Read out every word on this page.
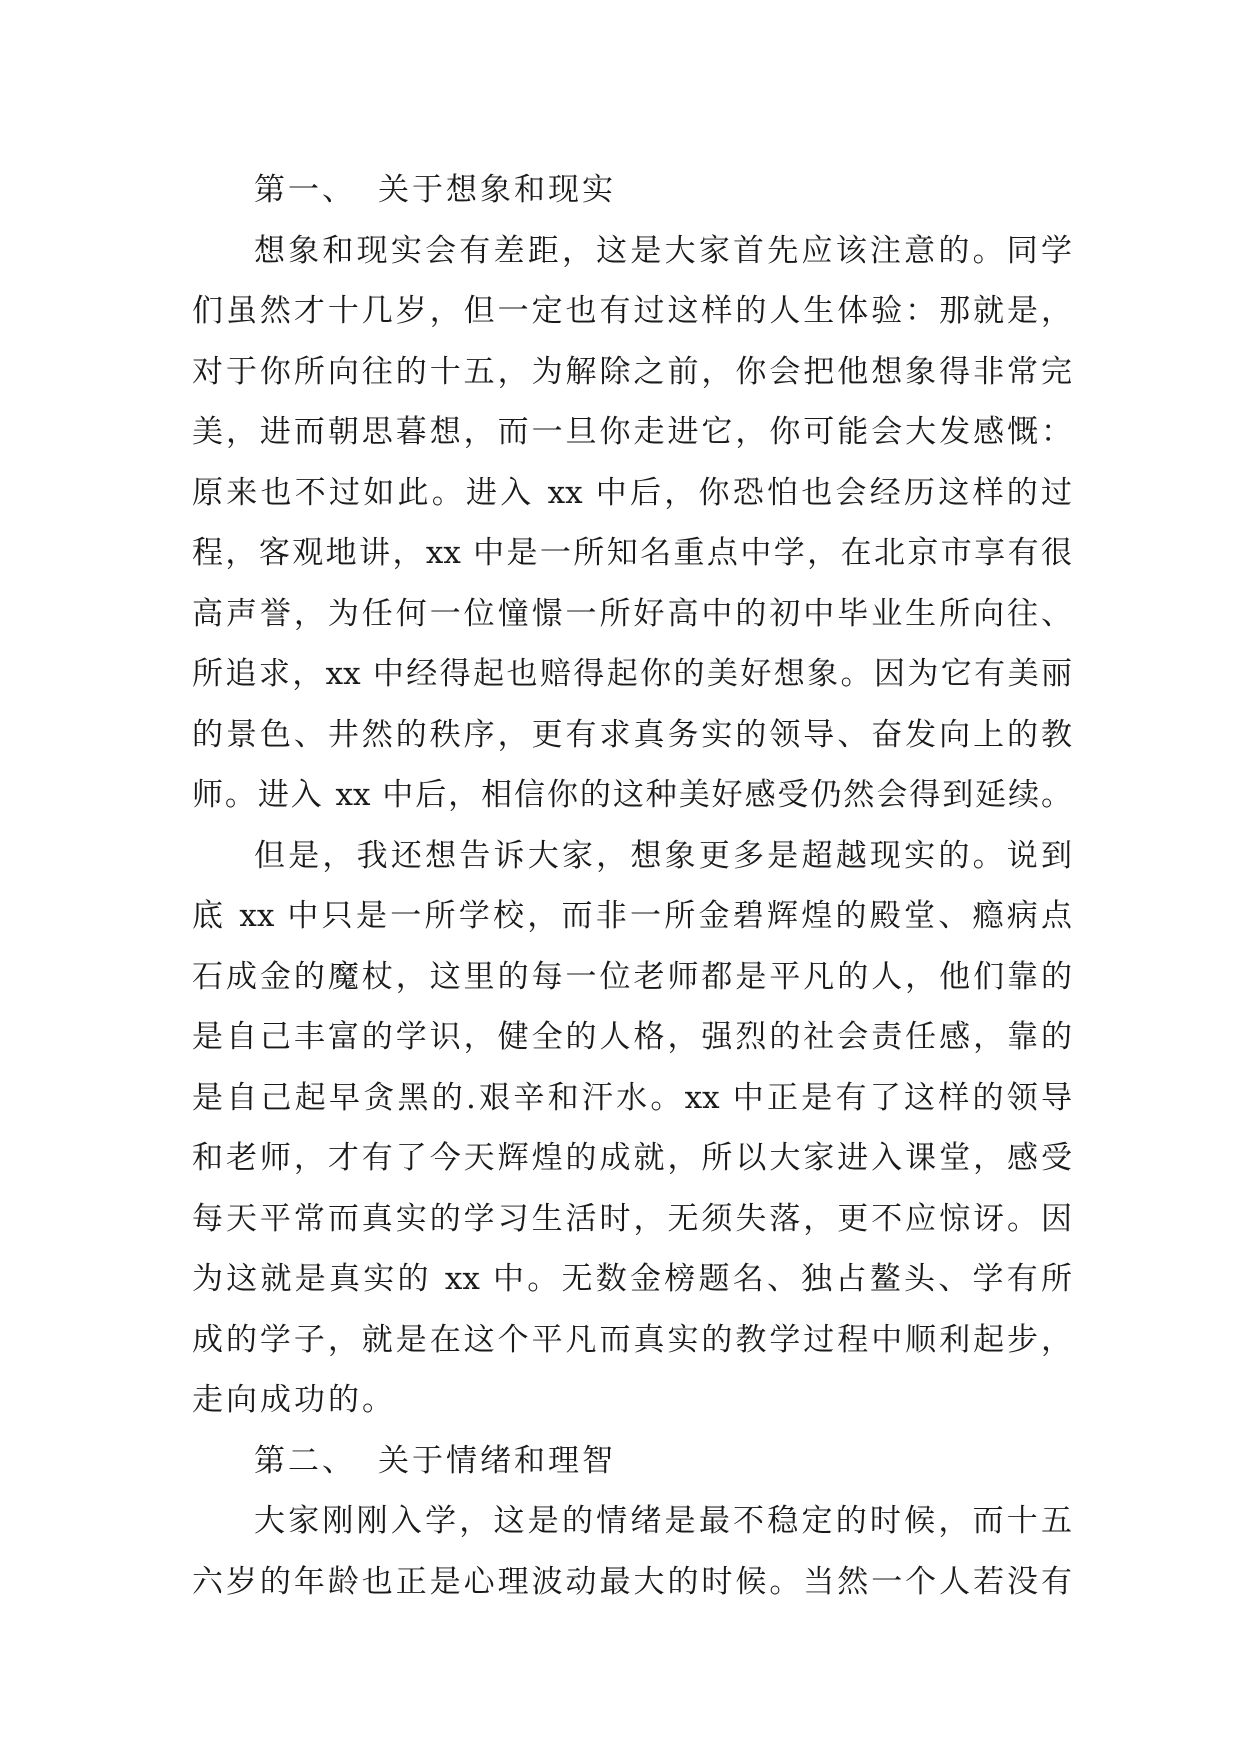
第一、 关于想象和现实
想象和现实会有差距，这是大家首先应该注意的。同学
们虽然才十几岁，但一定也有过这样的人生体验：那就是，
对于你所向往的十五，为解除之前，你会把他想象得非常完
美，进而朝思暮想，而一旦你走进它，你可能会大发感慨：
原来也不过如此。进入 xx 中后，你恐怕也会经历这样的过
程，客观地讲，xx 中是一所知名重点中学，在北京市享有很
高声誉，为任何一位憧憬一所好高中的初中毕业生所向往、
所追求，xx 中经得起也赔得起你的美好想象。因为它有美丽
的景色、井然的秩序，更有求真务实的领导、奋发向上的教
师。进入 xx 中后，相信你的这种美好感受仍然会得到延续。
但是，我还想告诉大家，想象更多是超越现实的。说到
底 xx 中只是一所学校，而非一所金碧辉煌的殿堂、瘾病点
石成金的魔杖，这里的每一位老师都是平凡的人，他们靠的
是自己丰富的学识，健全的人格，强烈的社会责任感，靠的
是自己起早贪黑的.艰辛和汗水。xx 中正是有了这样的领导
和老师，才有了今天辉煌的成就，所以大家进入课堂，感受
每天平常而真实的学习生活时，无须失落，更不应惊讶。因
为这就是真实的 xx 中。无数金榜题名、独占鳌头、学有所
成的学子，就是在这个平凡而真实的教学过程中顺利起步，
走向成功的。
第二、 关于情绪和理智
大家刚刚入学，这是的情绪是最不稳定的时候，而十五
六岁的年龄也正是心理波动最大的时候。当然一个人若没有
